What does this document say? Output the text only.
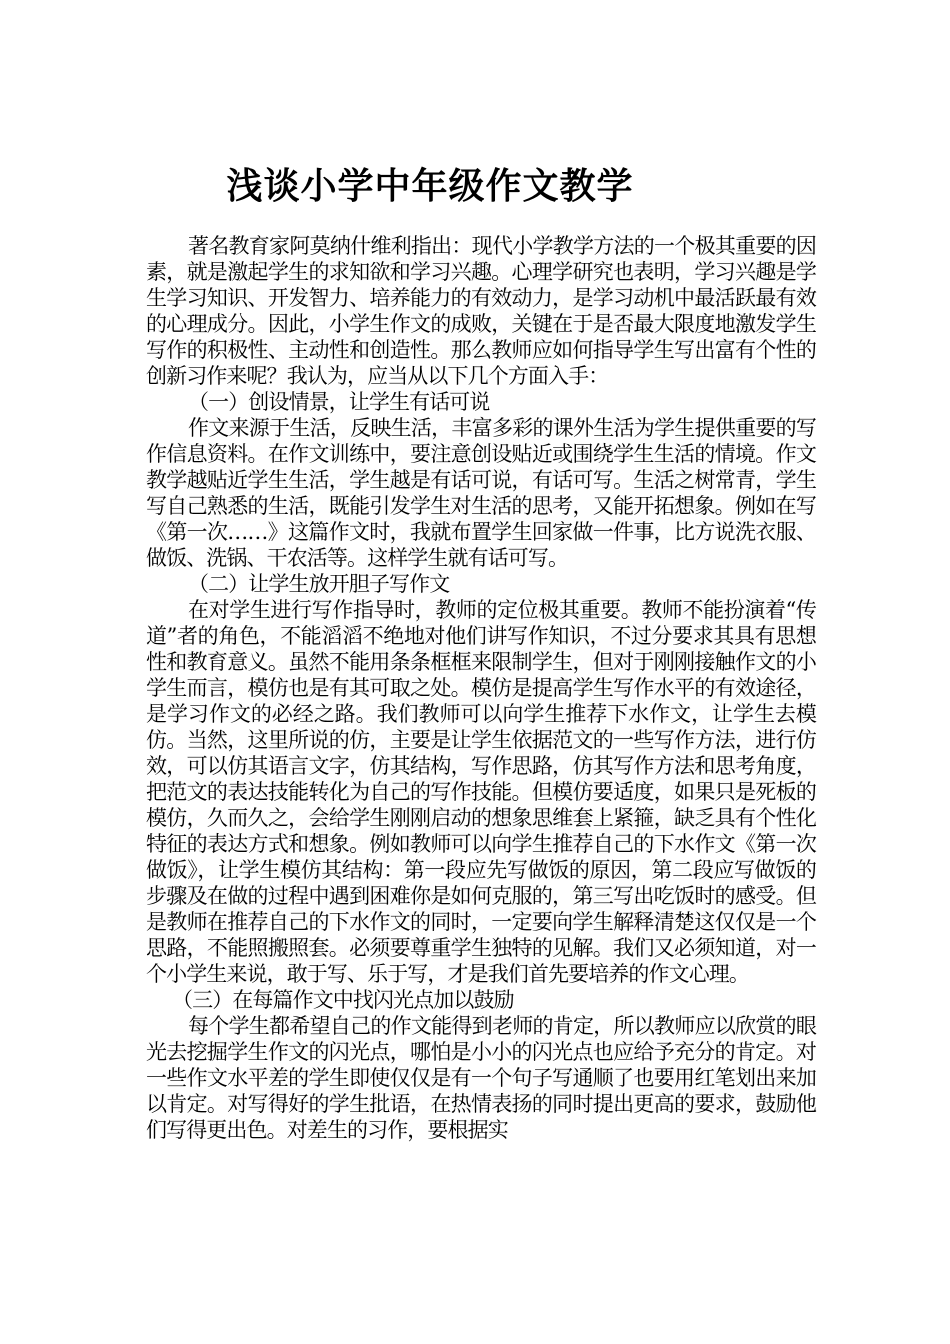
浅谈小学中年级作文教学

著名教育家阿莫纳什维利指出：现代小学教学方法的一个极其重要的因素，就是激起学生的求知欲和学习兴趣。心理学研究也表明，学习兴趣是学生学习知识、开发智力、培养能力的有效动力，是学习动机中最活跃最有效的心理成分。因此，小学生作文的成败，关键在于是否最大限度地激发学生写作的积极性、主动性和创造性。那么教师应如何指导学生写出富有个性的创新习作来呢？我认为，应当从以下几个方面入手：

（一）创设情景，让学生有话可说

作文来源于生活，反映生活，丰富多彩的课外生活为学生提供重要的写作信息资料。在作文训练中，要注意创设贴近或围绕学生生活的情境。作文教学越贴近学生生活，学生越是有话可说，有话可写。生活之树常青，学生写自己熟悉的生活，既能引发学生对生活的思考，又能开拓想象。例如在写《第一次……》这篇作文时，我就布置学生回家做一件事，比方说洗衣服、做饭、洗锅、干农活等。这样学生就有话可写。

（二）让学生放开胆子写作文

在对学生进行写作指导时，教师的定位极其重要。教师不能扮演着“传道”者的角色，不能滔滔不绝地对他们讲写作知识，不过分要求其具有思想性和教育意义。虽然不能用条条框框来限制学生，但对于刚刚接触作文的小学生而言，模仿也是有其可取之处。模仿是提高学生写作水平的有效途径，是学习作文的必经之路。我们教师可以向学生推荐下水作文，让学生去模仿。当然，这里所说的仿，主要是让学生依据范文的一些写作方法，进行仿效，可以仿其语言文字，仿其结构，写作思路，仿其写作方法和思考角度，把范文的表达技能转化为自己的写作技能。但模仿要适度，如果只是死板的模仿，久而久之，会给学生刚刚启动的想象思维套上紧箍，缺乏具有个性化特征的表达方式和想象。例如教师可以向学生推荐自己的下水作文《第一次做饭》，让学生模仿其结构：第一段应先写做饭的原因，第二段应写做饭的步骤及在做的过程中遇到困难你是如何克服的，第三写出吃饭时的感受。但是教师在推荐自己的下水作文的同时，一定要向学生解释清楚这仅仅是一个思路，不能照搬照套。必须要尊重学生独特的见解。我们又必须知道，对一个小学生来说，敢于写、乐于写，才是我们首先要培养的作文心理。

（三）在每篇作文中找闪光点加以鼓励

每个学生都希望自己的作文能得到老师的肯定，所以教师应以欣赏的眼光去挖掘学生作文的闪光点，哪怕是小小的闪光点也应给予充分的肯定。对一些作文水平差的学生即使仅仅是有一个句子写通顺了也要用红笔划出来加以肯定。对写得好的学生批语，在热情表扬的同时提出更高的要求，鼓励他们写得更出色。对差生的习作，要根据实
